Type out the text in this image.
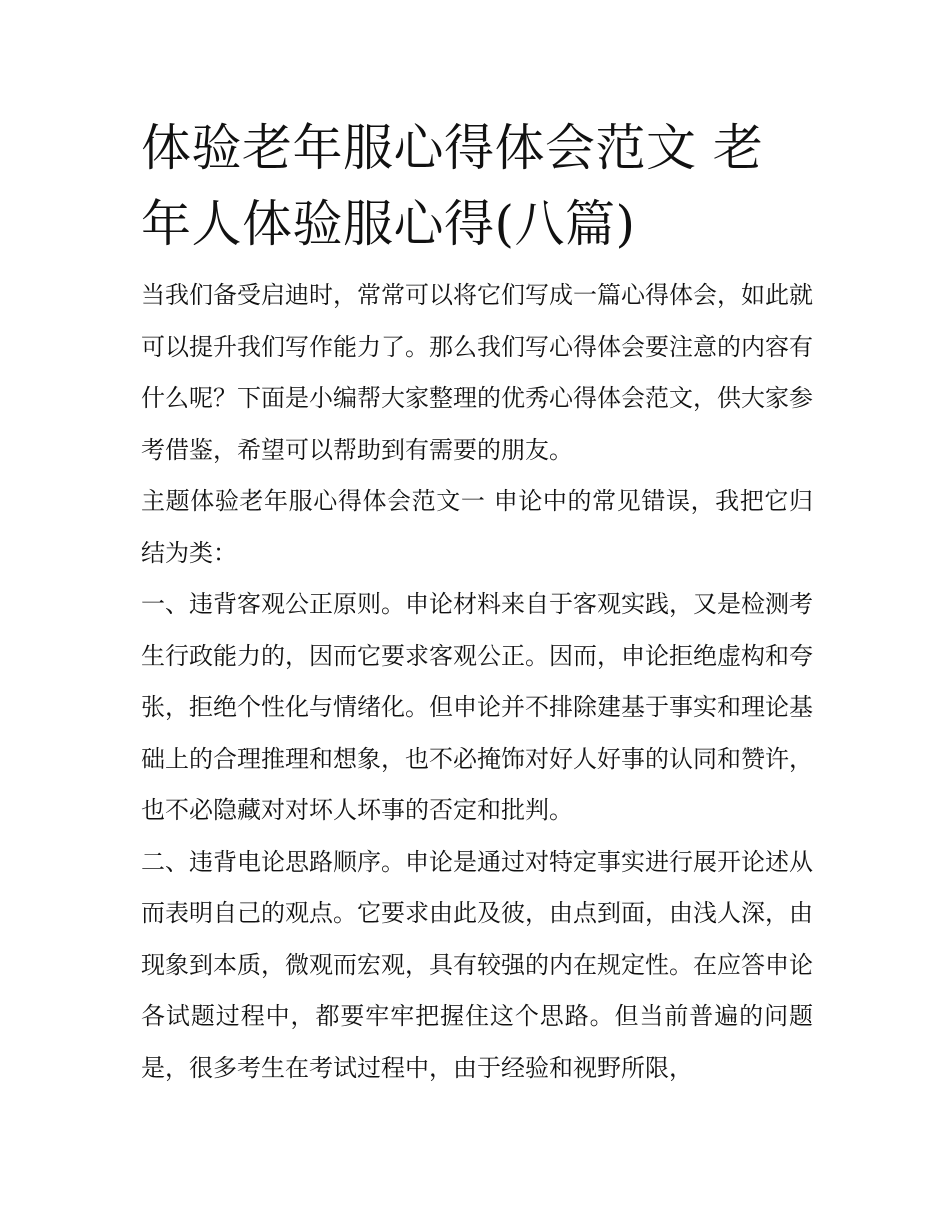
体验老年服心得体会范文 老年人体验服心得(八篇)

当我们备受启迪时，常常可以将它们写成一篇心得体会，如此就可以提升我们写作能力了。那么我们写心得体会要注意的内容有什么呢？下面是小编帮大家整理的优秀心得体会范文，供大家参考借鉴，希望可以帮助到有需要的朋友。

主题体验老年服心得体会范文一 申论中的常见错误，我把它归结为类：

一、违背客观公正原则。申论材料来自于客观实践，又是检测考生行政能力的，因而它要求客观公正。因而，申论拒绝虚构和夸张，拒绝个性化与情绪化。但申论并不排除建基于事实和理论基础上的合理推理和想象，也不必掩饰对好人好事的认同和赞许，也不必隐藏对对坏人坏事的否定和批判。

二、违背电论思路顺序。申论是通过对特定事实进行展开论述从而表明自己的观点。它要求由此及彼，由点到面，由浅人深，由现象到本质，微观而宏观，具有较强的内在规定性。在应答申论各试题过程中，都要牢牢把握住这个思路。但当前普遍的问题是，很多考生在考试过程中，由于经验和视野所限，
